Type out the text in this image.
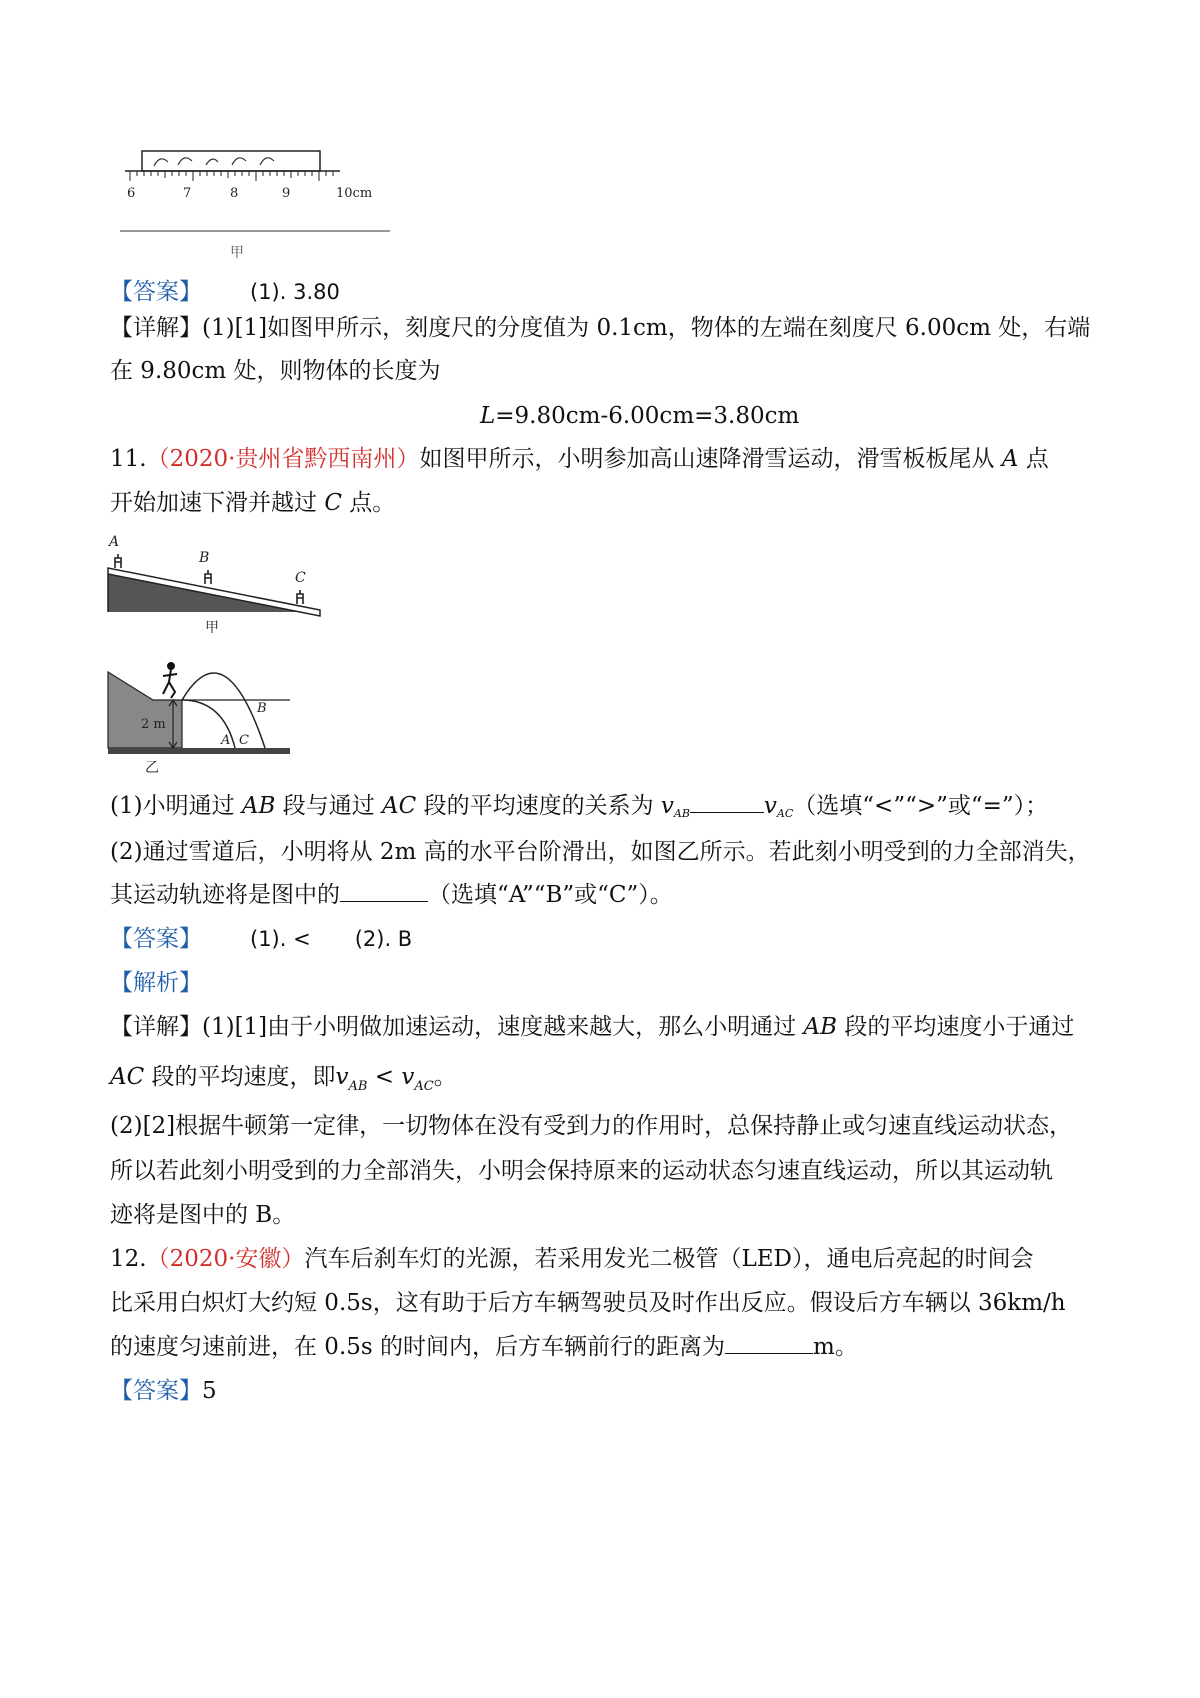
6	7	8	9	10cm
甲
【答案】 (1). 3.80
【详解】(1)[1]如图甲所示，刻度尺的分度值为 0.1cm，物体的左端在刻度尺 6.00cm 处，右端
在 9.80cm 处，则物体的长度为
L=9.80cm-6.00cm=3.80cm
11.（2020·贵州省黔西南州）如图甲所示，小明参加高山速降滑雪运动，滑雪板板尾从 A 点
开始加速下滑并越过 C 点。
A
B
C
甲
2 m
A
B
C
乙
(1)小明通过 AB 段与通过 AC 段的平均速度的关系为 $v_{AB}$	$v_{AC}$（选填“<”“>”或“=”）；
(2)通过雪道后，小明将从 2m 高的水平台阶滑出，如图乙所示。若此刻小明受到的力全部消失，
其运动轨迹将是图中的	（选填“A”“B”或“C”）。
【答案】 (1). < (2). B
【解析】
【详解】(1)[1]由于小明做加速运动，速度越来越大，那么小明通过 AB 段的平均速度小于通过
AC 段的平均速度，即$v_{AB} < v_{AC}$。
(2)[2]根据牛顿第一定律，一切物体在没有受到力的作用时，总保持静止或匀速直线运动状态，
所以若此刻小明受到的力全部消失，小明会保持原来的运动状态匀速直线运动，所以其运动轨
迹将是图中的 B。
12.（2020·安徽）汽车后刹车灯的光源，若采用发光二极管（LED），通电后亮起的时间会
比采用白炽灯大约短 0.5s，这有助于后方车辆驾驶员及时作出反应。假设后方车辆以 36km/h
的速度匀速前进，在 0.5s 的时间内，后方车辆前行的距离为	m。
【答案】5
